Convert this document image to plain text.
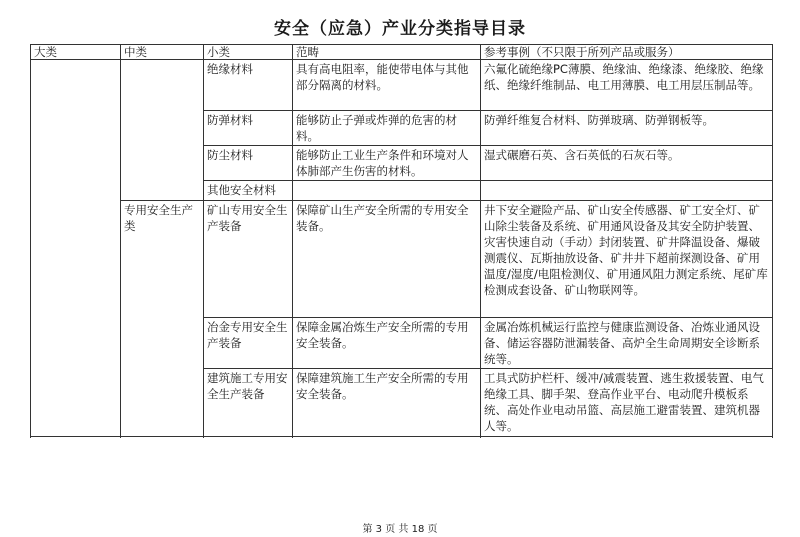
安全（应急）产业分类指导目录
大类	中类	小类	范畴	参考事例（不只限于所列产品或服务）
		绝缘材料	具有高电阻率，能使带电体与其他部分隔离的材料。	六氟化硫绝缘PC薄膜、绝缘油、绝缘漆、绝缘胶、绝缘纸、绝缘纤维制品、电工用薄膜、电工用层压制品等。
		防弹材料	能够防止子弹或炸弹的危害的材料。	防弹纤维复合材料、防弹玻璃、防弹钢板等。
		防尘材料	能够防止工业生产条件和环境对人体肺部产生伤害的材料。	湿式碾磨石英、含石英低的石灰石等。
		其他安全材料		
	专用安全生产类	矿山专用安全生产装备	保障矿山生产安全所需的专用安全装备。	井下安全避险产品、矿山安全传感器、矿工安全灯、矿山除尘装备及系统、矿用通风设备及其安全防护装置、灾害快速自动（手动）封闭装置、矿井降温设备、爆破测震仪、瓦斯抽放设备、矿井井下超前探测设备、矿用温度/湿度/电阻检测仪、矿用通风阻力测定系统、尾矿库检测成套设备、矿山物联网等。

		冶金专用安全生产装备	保障金属冶炼生产安全所需的专用安全装备。	金属冶炼机械运行监控与健康监测设备、冶炼业通风设备、储运容器防泄漏装备、高炉全生命周期安全诊断系统等。

		建筑施工专用安全生产装备	保障建筑施工生产安全所需的专用安全装备。	工具式防护栏杆、缓冲/减震装置、逃生救援装置、电气绝缘工具、脚手架、登高作业平台、电动爬升模板系统、高处作业电动吊篮、高层施工避雷装置、建筑机器人等。

第 3 页 共 18 页
